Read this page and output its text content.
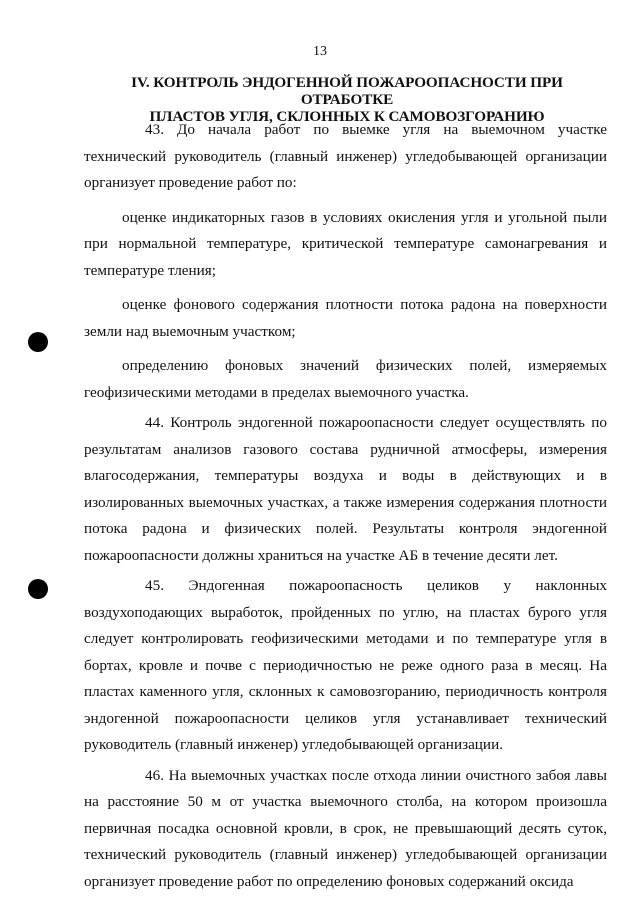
13
IV. КОНТРОЛЬ ЭНДОГЕННОЙ ПОЖАРООПАСНОСТИ ПРИ ОТРАБОТКЕ
ПЛАСТОВ УГЛЯ, СКЛОННЫХ К САМОВОЗГОРАНИЮ

43. До начала работ по выемке угля на выемочном участке технический руководитель (главный инженер) угледобывающей организации организует проведение работ по:

оценке индикаторных газов в условиях окисления угля и угольной пыли при нормальной температуре, критической температуре самонагревания и температуре тления;

оценке фонового содержания плотности потока радона на поверхности земли над выемочным участком;

определению фоновых значений физических полей, измеряемых геофизическими методами в пределах выемочного участка.

44. Контроль эндогенной пожароопасности следует осуществлять по результатам анализов газового состава рудничной атмосферы, измерения влагосодержания, температуры воздуха и воды в действующих и в изолированных выемочных участках, а также измерения содержания плотности потока радона и физических полей. Результаты контроля эндогенной пожароопасности должны храниться на участке АБ в течение десяти лет.

45. Эндогенная пожароопасность целиков у наклонных воздухоподающих выработок, пройденных по углю, на пластах бурого угля следует контролировать геофизическими методами и по температуре угля в бортах, кровле и почве с периодичностью не реже одного раза в месяц. На пластах каменного угля, склонных к самовозгоранию, периодичность контроля эндогенной пожароопасности целиков угля устанавливает технический руководитель (главный инженер) угледобывающей организации.

46. На выемочных участках после отхода линии очистного забоя лавы на расстояние 50 м от участка выемочного столба, на котором произошла первичная посадка основной кровли, в срок, не превышающий десять суток, технический руководитель (главный инженер) угледобывающей организации организует проведение работ по определению фоновых содержаний оксида
